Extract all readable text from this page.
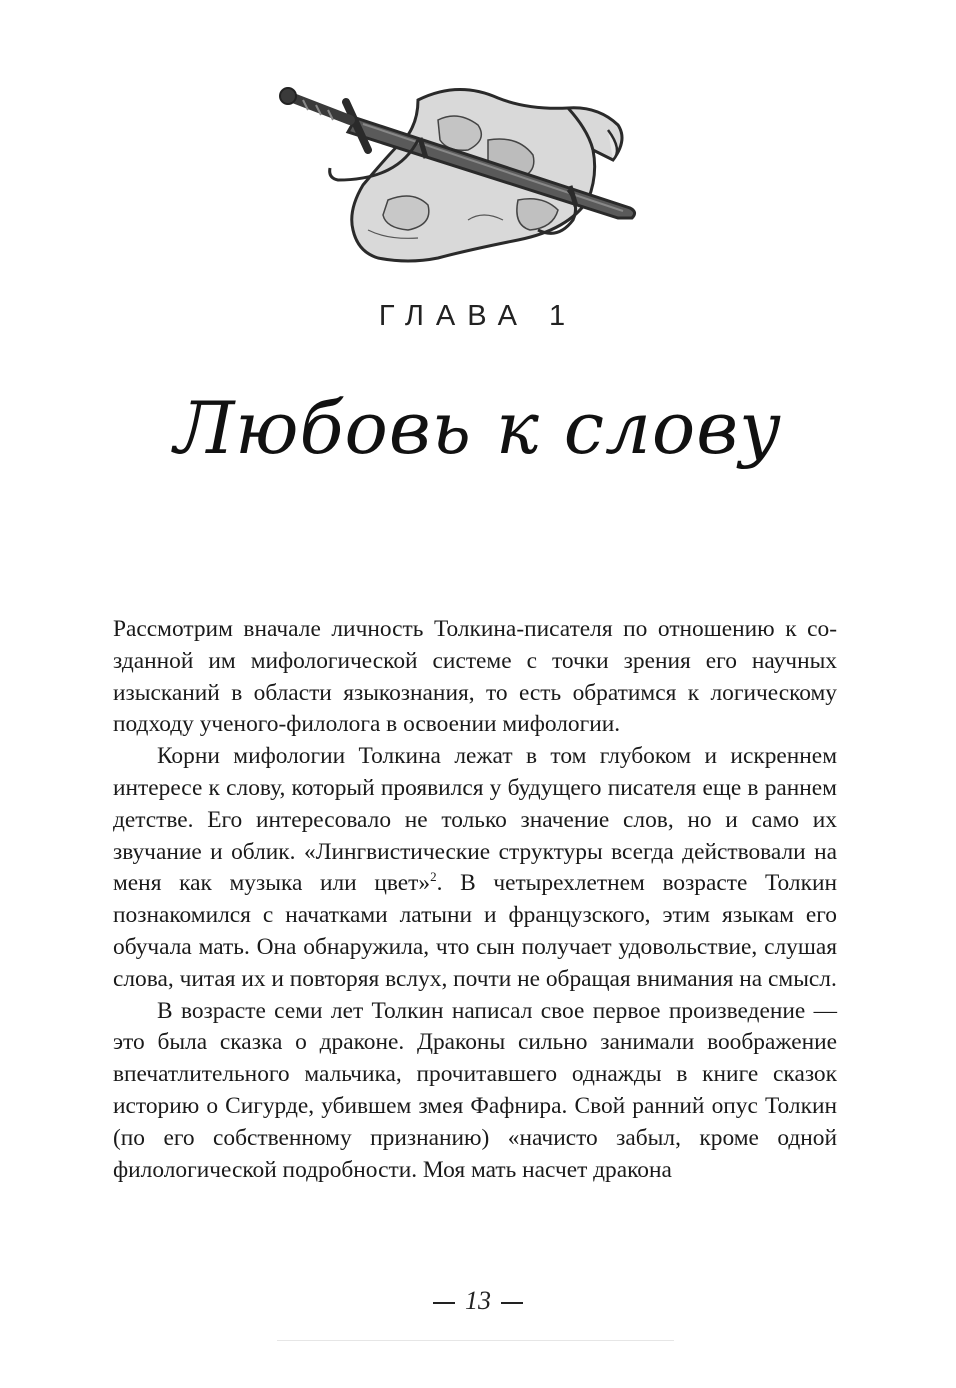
ГЛАВА 1
Любовь к слову

Рассмотрим вначале личность Толкина-писателя по отношению к созданной им мифологической системе с точки зрения его научных изысканий в области языкознания, то есть обратимся к логическому подходу ученого-филолога в освоении мифологии.

Корни мифологии Толкина лежат в том глубоком и искреннем интересе к слову, который проявился у будущего писателя еще в раннем детстве. Его интересовало не только значение слов, но и само их звучание и облик. «Лингвистические структуры всегда действовали на меня как музыка или цвет»$^2$. В четырехлетнем возрасте Толкин познакомился с начатками латыни и французского, этим языкам его обучала мать. Она обнаружила, что сын получает удовольствие, слушая слова, читая их и повторяя вслух, почти не обращая внимания на смысл.

В возрасте семи лет Толкин написал свое первое произведение — это была сказка о драконе. Драконы сильно занимали воображение впечатлительного мальчика, прочитавшего однажды в книге сказок историю о Сигурде, убившем змея Фафнира. Свой ранний опус Толкин (по его собственному признанию) «начисто забыл, кроме одной филологической подробности. Моя мать насчет дракона

13
